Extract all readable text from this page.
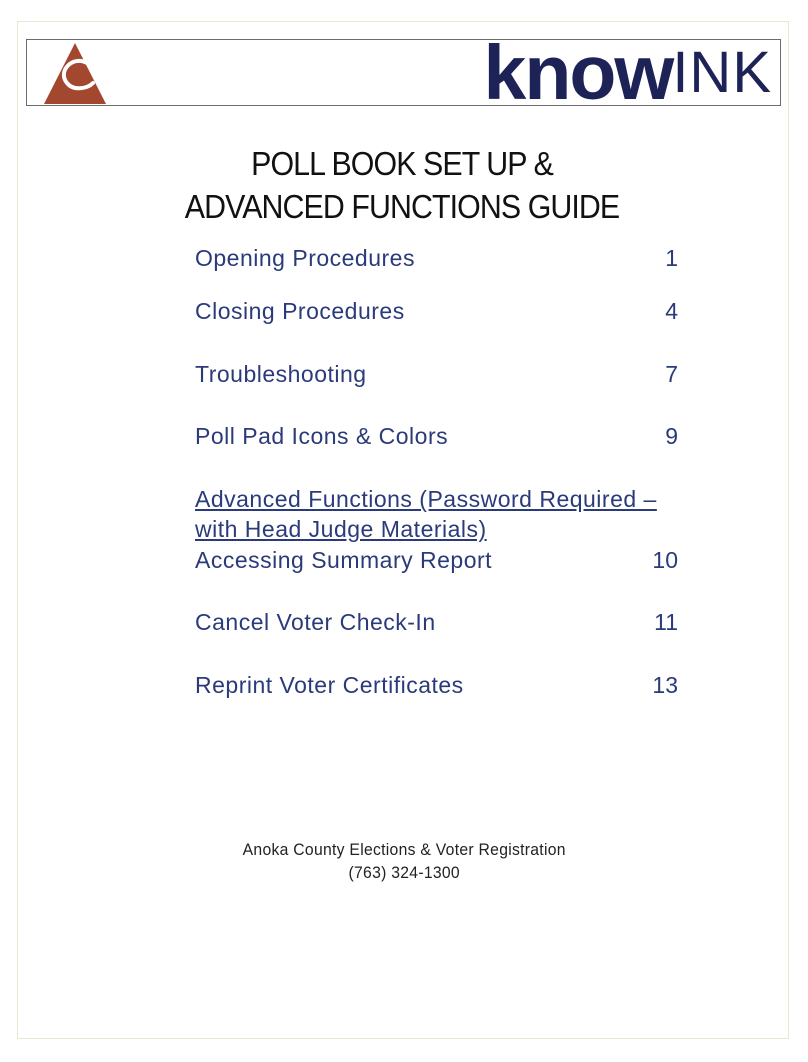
knowINK
POLL BOOK SET UP &
ADVANCED FUNCTIONS GUIDE
Opening Procedures	1
Closing Procedures	4
Troubleshooting	7
Poll Pad Icons & Colors	9
Advanced Functions (Password Required –
with Head Judge Materials)
Accessing Summary Report	10
Cancel Voter Check-In	11
Reprint Voter Certificates	13
Anoka County Elections & Voter Registration
(763) 324-1300
